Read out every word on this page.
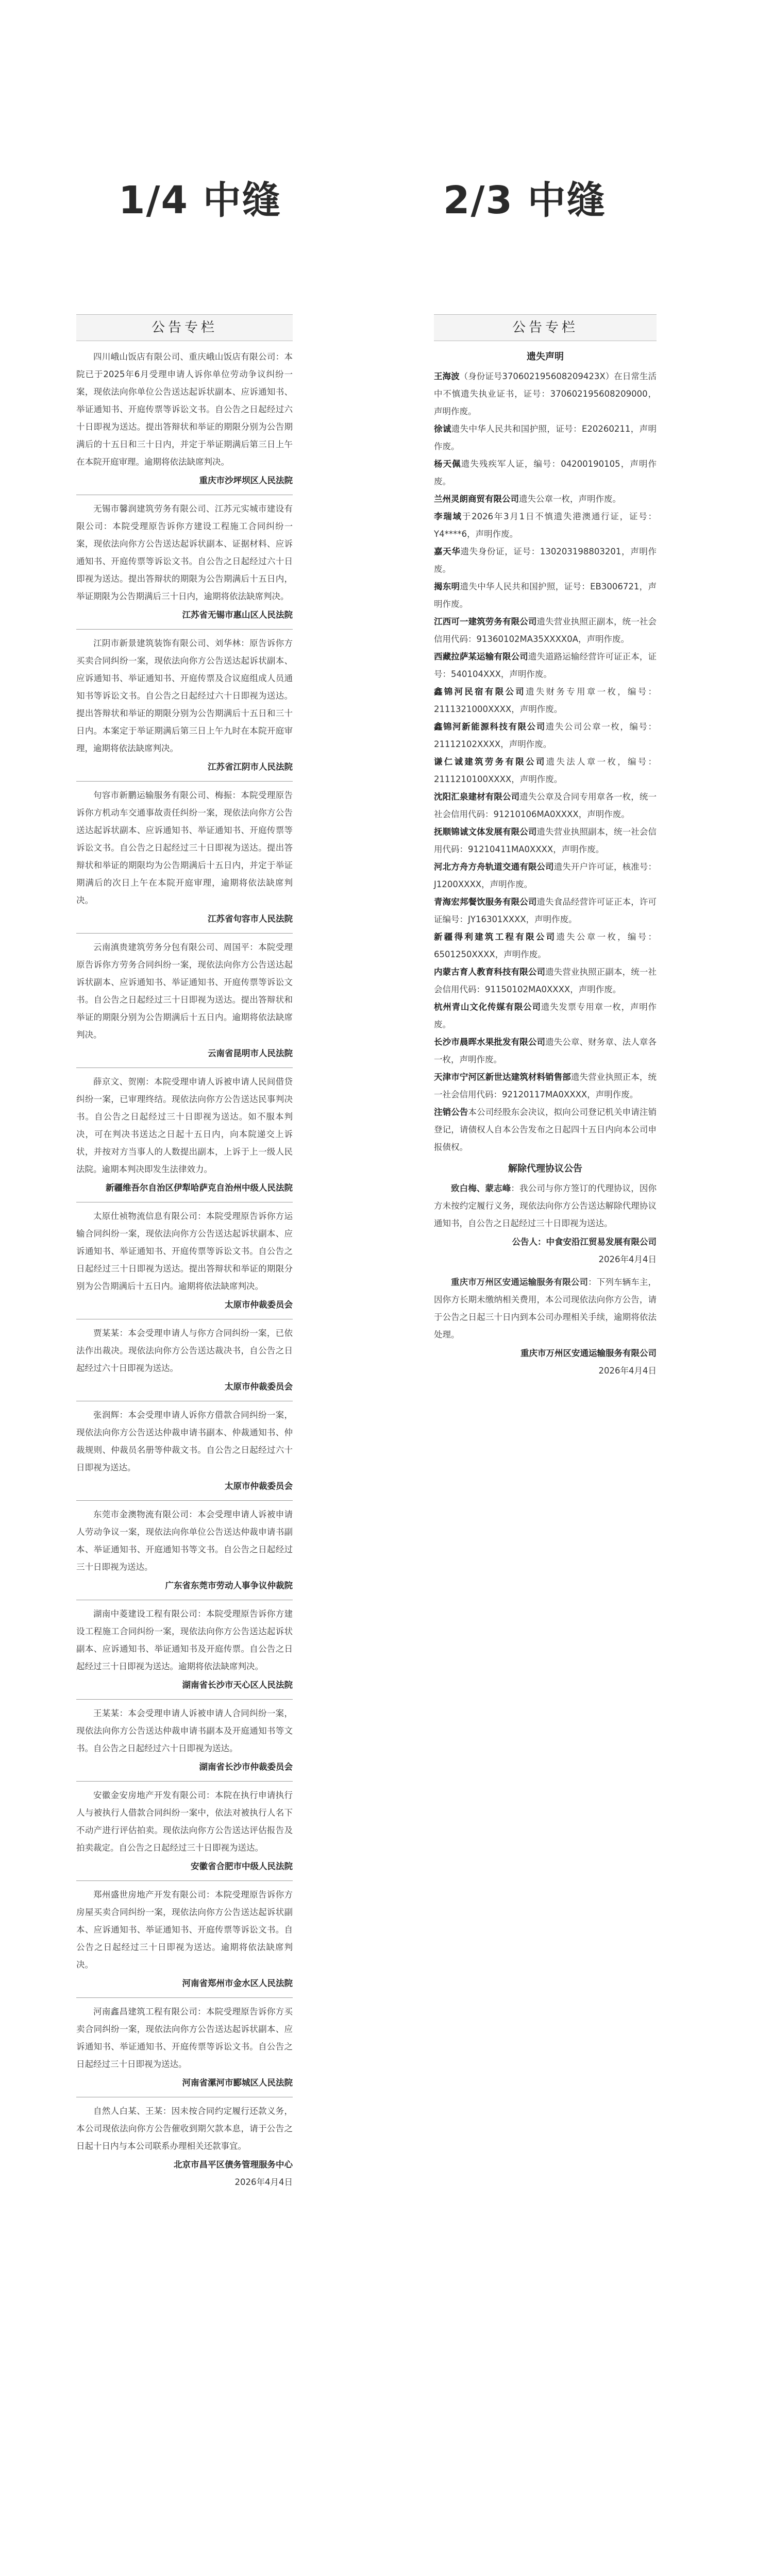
1/4 中缝	2/3 中缝
公告专栏

四川峨山饭店有限公司、重庆峨山饭店有限公司：本院已于2025年6月受理申请人诉你单位劳动争议纠纷一案，现依法向你单位公告送达起诉状副本、应诉通知书、举证通知书、开庭传票等诉讼文书。自公告之日起经过六十日即视为送达。提出答辩状和举证的期限分别为公告期满后的十五日和三十日内，并定于举证期满后第三日上午在本院开庭审理。逾期将依法缺席判决。

重庆市沙坪坝区人民法院

无锡市馨润建筑劳务有限公司、江苏元实城市建设有限公司：本院受理原告诉你方建设工程施工合同纠纷一案，现依法向你方公告送达起诉状副本、证据材料、应诉通知书、开庭传票等诉讼文书。自公告之日起经过六十日即视为送达。提出答辩状的期限为公告期满后十五日内，举证期限为公告期满后三十日内，逾期将依法缺席判决。

江苏省无锡市惠山区人民法院

江阴市新景建筑装饰有限公司、刘华林：原告诉你方买卖合同纠纷一案，现依法向你方公告送达起诉状副本、应诉通知书、举证通知书、开庭传票及合议庭组成人员通知书等诉讼文书。自公告之日起经过六十日即视为送达。提出答辩状和举证的期限分别为公告期满后十五日和三十日内。本案定于举证期满后第三日上午九时在本院开庭审理，逾期将依法缺席判决。

江苏省江阴市人民法院

句容市新鹏运输服务有限公司、梅振：本院受理原告诉你方机动车交通事故责任纠纷一案，现依法向你方公告送达起诉状副本、应诉通知书、举证通知书、开庭传票等诉讼文书。自公告之日起经过三十日即视为送达。提出答辩状和举证的期限均为公告期满后十五日内，并定于举证期满后的次日上午在本院开庭审理，逾期将依法缺席判决。

江苏省句容市人民法院

云南滇贵建筑劳务分包有限公司、周国平：本院受理原告诉你方劳务合同纠纷一案，现依法向你方公告送达起诉状副本、应诉通知书、举证通知书、开庭传票等诉讼文书。自公告之日起经过三十日即视为送达。提出答辩状和举证的期限分别为公告期满后十五日内。逾期将依法缺席判决。

云南省昆明市人民法院

薛京文、贺刚：本院受理申请人诉被申请人民间借贷纠纷一案，已审理终结。现依法向你方公告送达民事判决书。自公告之日起经过三十日即视为送达。如不服本判决，可在判决书送达之日起十五日内，向本院递交上诉状，并按对方当事人的人数提出副本，上诉于上一级人民法院。逾期本判决即发生法律效力。

新疆维吾尔自治区伊犁哈萨克自治州中级人民法院

太原仕祯物流信息有限公司：本院受理原告诉你方运输合同纠纷一案，现依法向你方公告送达起诉状副本、应诉通知书、举证通知书、开庭传票等诉讼文书。自公告之日起经过三十日即视为送达。提出答辩状和举证的期限分别为公告期满后十五日内。逾期将依法缺席判决。

太原市仲裁委员会

贾某某：本会受理申请人与你方合同纠纷一案，已依法作出裁决。现依法向你方公告送达裁决书，自公告之日起经过六十日即视为送达。

太原市仲裁委员会

张润辉：本会受理申请人诉你方借款合同纠纷一案，现依法向你方公告送达仲裁申请书副本、仲裁通知书、仲裁规则、仲裁员名册等仲裁文书。自公告之日起经过六十日即视为送达。

太原市仲裁委员会

东莞市金澳物流有限公司：本会受理申请人诉被申请人劳动争议一案，现依法向你单位公告送达仲裁申请书副本、举证通知书、开庭通知书等文书。自公告之日起经过三十日即视为送达。

广东省东莞市劳动人事争议仲裁院

湖南中菱建设工程有限公司：本院受理原告诉你方建设工程施工合同纠纷一案，现依法向你方公告送达起诉状副本、应诉通知书、举证通知书及开庭传票。自公告之日起经过三十日即视为送达。逾期将依法缺席判决。

湖南省长沙市天心区人民法院

王某某：本会受理申请人诉被申请人合同纠纷一案，现依法向你方公告送达仲裁申请书副本及开庭通知书等文书。自公告之日起经过六十日即视为送达。

湖南省长沙市仲裁委员会

安徽金安房地产开发有限公司：本院在执行申请执行人与被执行人借款合同纠纷一案中，依法对被执行人名下不动产进行评估拍卖。现依法向你方公告送达评估报告及拍卖裁定。自公告之日起经过三十日即视为送达。

安徽省合肥市中级人民法院

郑州盛世房地产开发有限公司：本院受理原告诉你方房屋买卖合同纠纷一案，现依法向你方公告送达起诉状副本、应诉通知书、举证通知书、开庭传票等诉讼文书。自公告之日起经过三十日即视为送达。逾期将依法缺席判决。

河南省郑州市金水区人民法院

河南鑫昌建筑工程有限公司：本院受理原告诉你方买卖合同纠纷一案，现依法向你方公告送达起诉状副本、应诉通知书、举证通知书、开庭传票等诉讼文书。自公告之日起经过三十日即视为送达。

河南省漯河市郾城区人民法院

自然人白某、王某：因未按合同约定履行还款义务，本公司现依法向你方公告催收到期欠款本息，请于公告之日起十日内与本公司联系办理相关还款事宜。

北京市昌平区债务管理服务中心
2026年4月4日
公告专栏
遗失声明

王海波（身份证号370602195608209423X）在日常生活中不慎遗失执业证书，证号：370602195608209000，声明作废。

徐诚遗失中华人民共和国护照，证号：E20260211，声明作废。

杨天佩遗失残疾军人证，编号：04200190105，声明作废。

兰州灵朗商贸有限公司遗失公章一枚，声明作废。

李瑞域于2026年3月1日不慎遗失港澳通行证，证号：Y4****6，声明作废。

嘉天华遗失身份证，证号：130203198803201，声明作废。

揭东明遗失中华人民共和国护照，证号：EB3006721，声明作废。

江西可一建筑劳务有限公司遗失营业执照正副本，统一社会信用代码：91360102MA35XXXX0A，声明作废。

西藏拉萨某运输有限公司遗失道路运输经营许可证正本，证号：540104XXX，声明作废。

鑫锦河民宿有限公司遗失财务专用章一枚，编号：2111321000XXXX，声明作废。

鑫锦河新能源科技有限公司遗失公司公章一枚，编号：21112102XXXX，声明作废。

谦仁诚建筑劳务有限公司遗失法人章一枚，编号：2111210100XXXX，声明作废。

沈阳汇泉建材有限公司遗失公章及合同专用章各一枚，统一社会信用代码：91210106MA0XXXX，声明作废。

抚顺锦诚文体发展有限公司遗失营业执照副本，统一社会信用代码：91210411MA0XXXX，声明作废。

河北方舟方舟轨道交通有限公司遗失开户许可证，核准号：J1200XXXX，声明作废。

青海宏邦餐饮服务有限公司遗失食品经营许可证正本，许可证编号：JY16301XXXX，声明作废。

新疆得利建筑工程有限公司遗失公章一枚，编号：6501250XXXX，声明作废。

内蒙古育人教育科技有限公司遗失营业执照正副本，统一社会信用代码：91150102MA0XXXX，声明作废。

杭州青山文化传媒有限公司遗失发票专用章一枚，声明作废。

长沙市晨晖水果批发有限公司遗失公章、财务章、法人章各一枚，声明作废。

天津市宁河区新世达建筑材料销售部遗失营业执照正本，统一社会信用代码：92120117MA0XXXX，声明作废。

注销公告本公司经股东会决议，拟向公司登记机关申请注销登记，请债权人自本公告发布之日起四十五日内向本公司申报债权。

解除代理协议公告

致白梅、蒙志峰：我公司与你方签订的代理协议，因你方未按约定履行义务，现依法向你方公告送达解除代理协议通知书，自公告之日起经过三十日即视为送达。

公告人：中食安沿江贸易发展有限公司
2026年4月4日

重庆市万州区安通运输服务有限公司：下列车辆车主，因你方长期未缴纳相关费用，本公司现依法向你方公告，请于公告之日起三十日内到本公司办理相关手续，逾期将依法处理。

重庆市万州区安通运输服务有限公司
2026年4月4日
